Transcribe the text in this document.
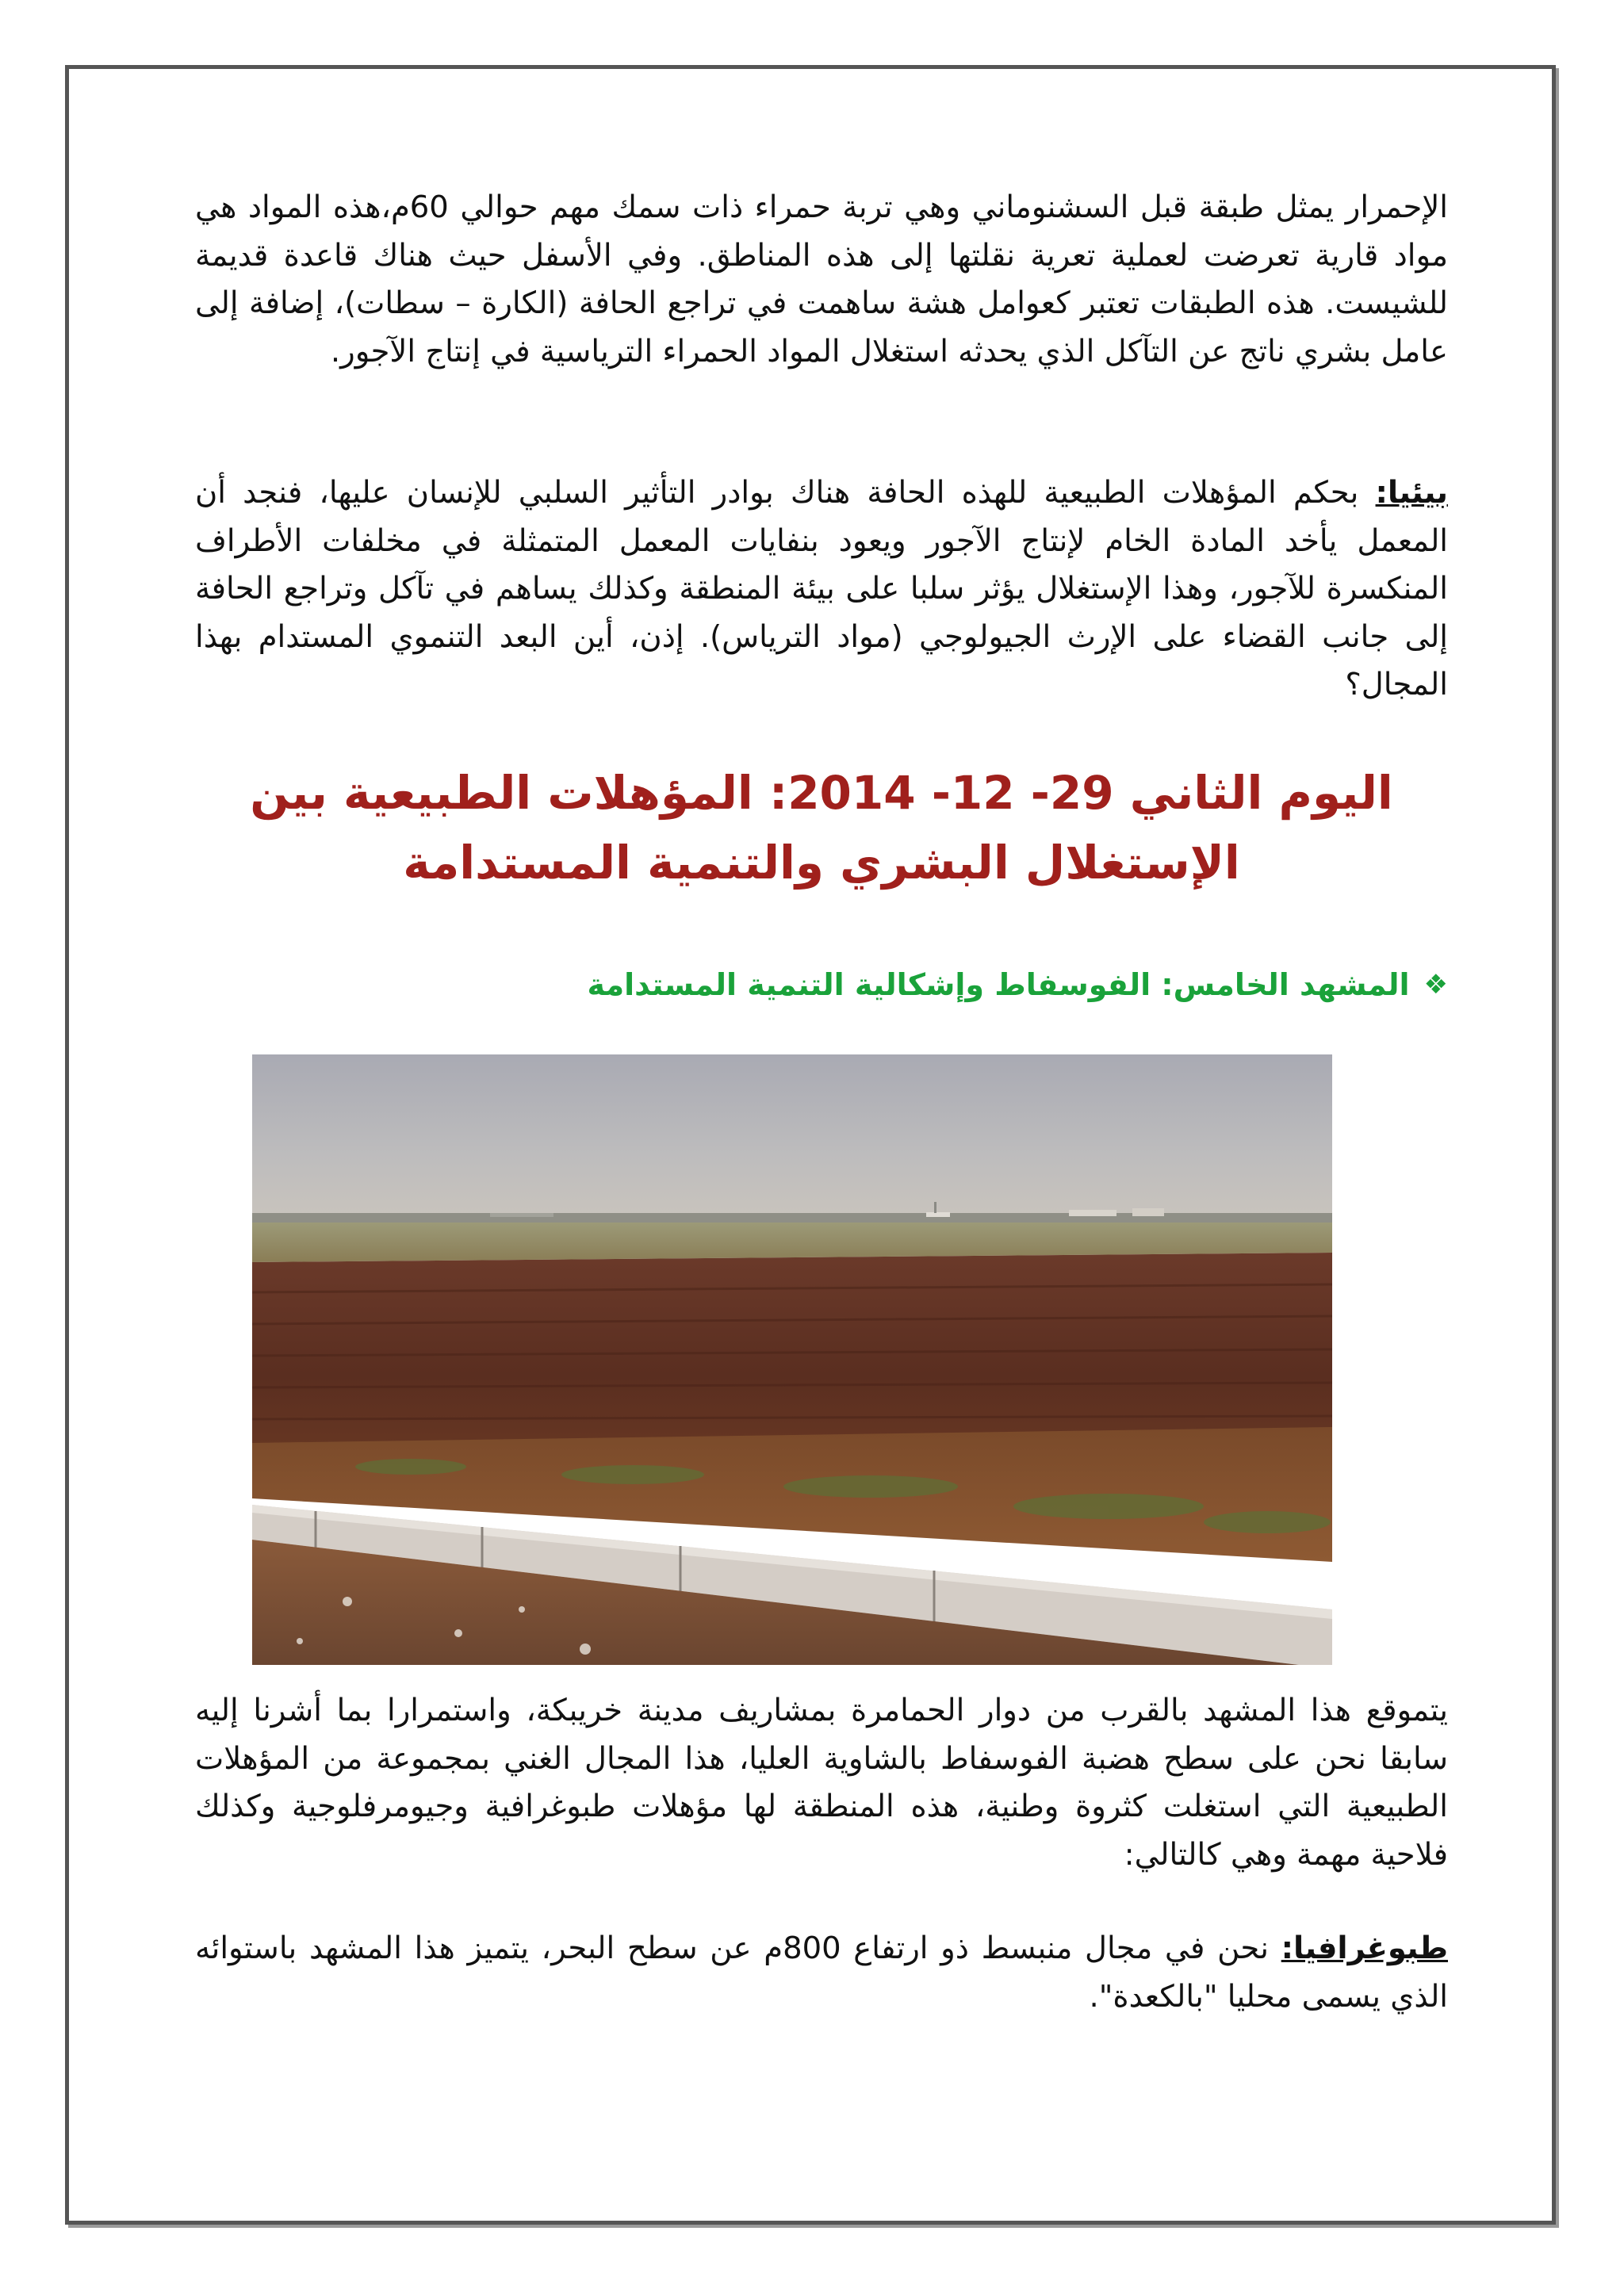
الإحمرار يمثل طبقة قبل السشنوماني وهي تربة حمراء ذات سمك مهم حوالي 60م،هذه المواد هي مواد قارية تعرضت لعملية تعرية نقلتها إلى هذه المناطق. وفي الأسفل حيث هناك قاعدة قديمة للشيست. هذه الطبقات تعتبر كعوامل هشة ساهمت في تراجع الحافة (الكارة – سطات)، إضافة إلى عامل بشري ناتج عن التآكل الذي يحدثه استغلال المواد الحمراء الترياسية في إنتاج الآجور.

بيئيا: بحكم المؤهلات الطبيعية للهذه الحافة هناك بوادر التأثير السلبي للإنسان عليها، فنجد أن المعمل يأخد المادة الخام لإنتاج الآجور ويعود بنفايات المعمل المتمثلة في مخلفات الأطراف المنكسرة للآجور، وهذا الإستغلال يؤثر سلبا على بيئة المنطقة وكذلك يساهم في تآكل وتراجع الحافة إلى جانب القضاء على الإرث الجيولوجي (مواد الترياس). إذن، أين البعد التنموي المستدام بهذا المجال؟

اليوم الثاني 29- 12- 2014: المؤهلات الطبيعية بين الإستغلال البشري والتنمية المستدامة
❖
المشهد الخامس: الفوسفاط وإشكالية التنمية المستدامة

يتموقع هذا المشهد بالقرب من دوار الحمامرة بمشاريف مدينة خريبكة، واستمرارا بما أشرنا إليه سابقا نحن على سطح هضبة الفوسفاط بالشاوية العليا، هذا المجال الغني بمجموعة من المؤهلات الطبيعية التي استغلت كثروة وطنية، هذه المنطقة لها مؤهلات طبوغرافية وجيومرفلوجية وكذلك فلاحية مهمة وهي كالتالي:

طبوغرافيا: نحن في مجال منبسط ذو ارتفاع 800م عن سطح البحر، يتميز هذا المشهد باستوائه الذي يسمى محليا "بالكعدة".
